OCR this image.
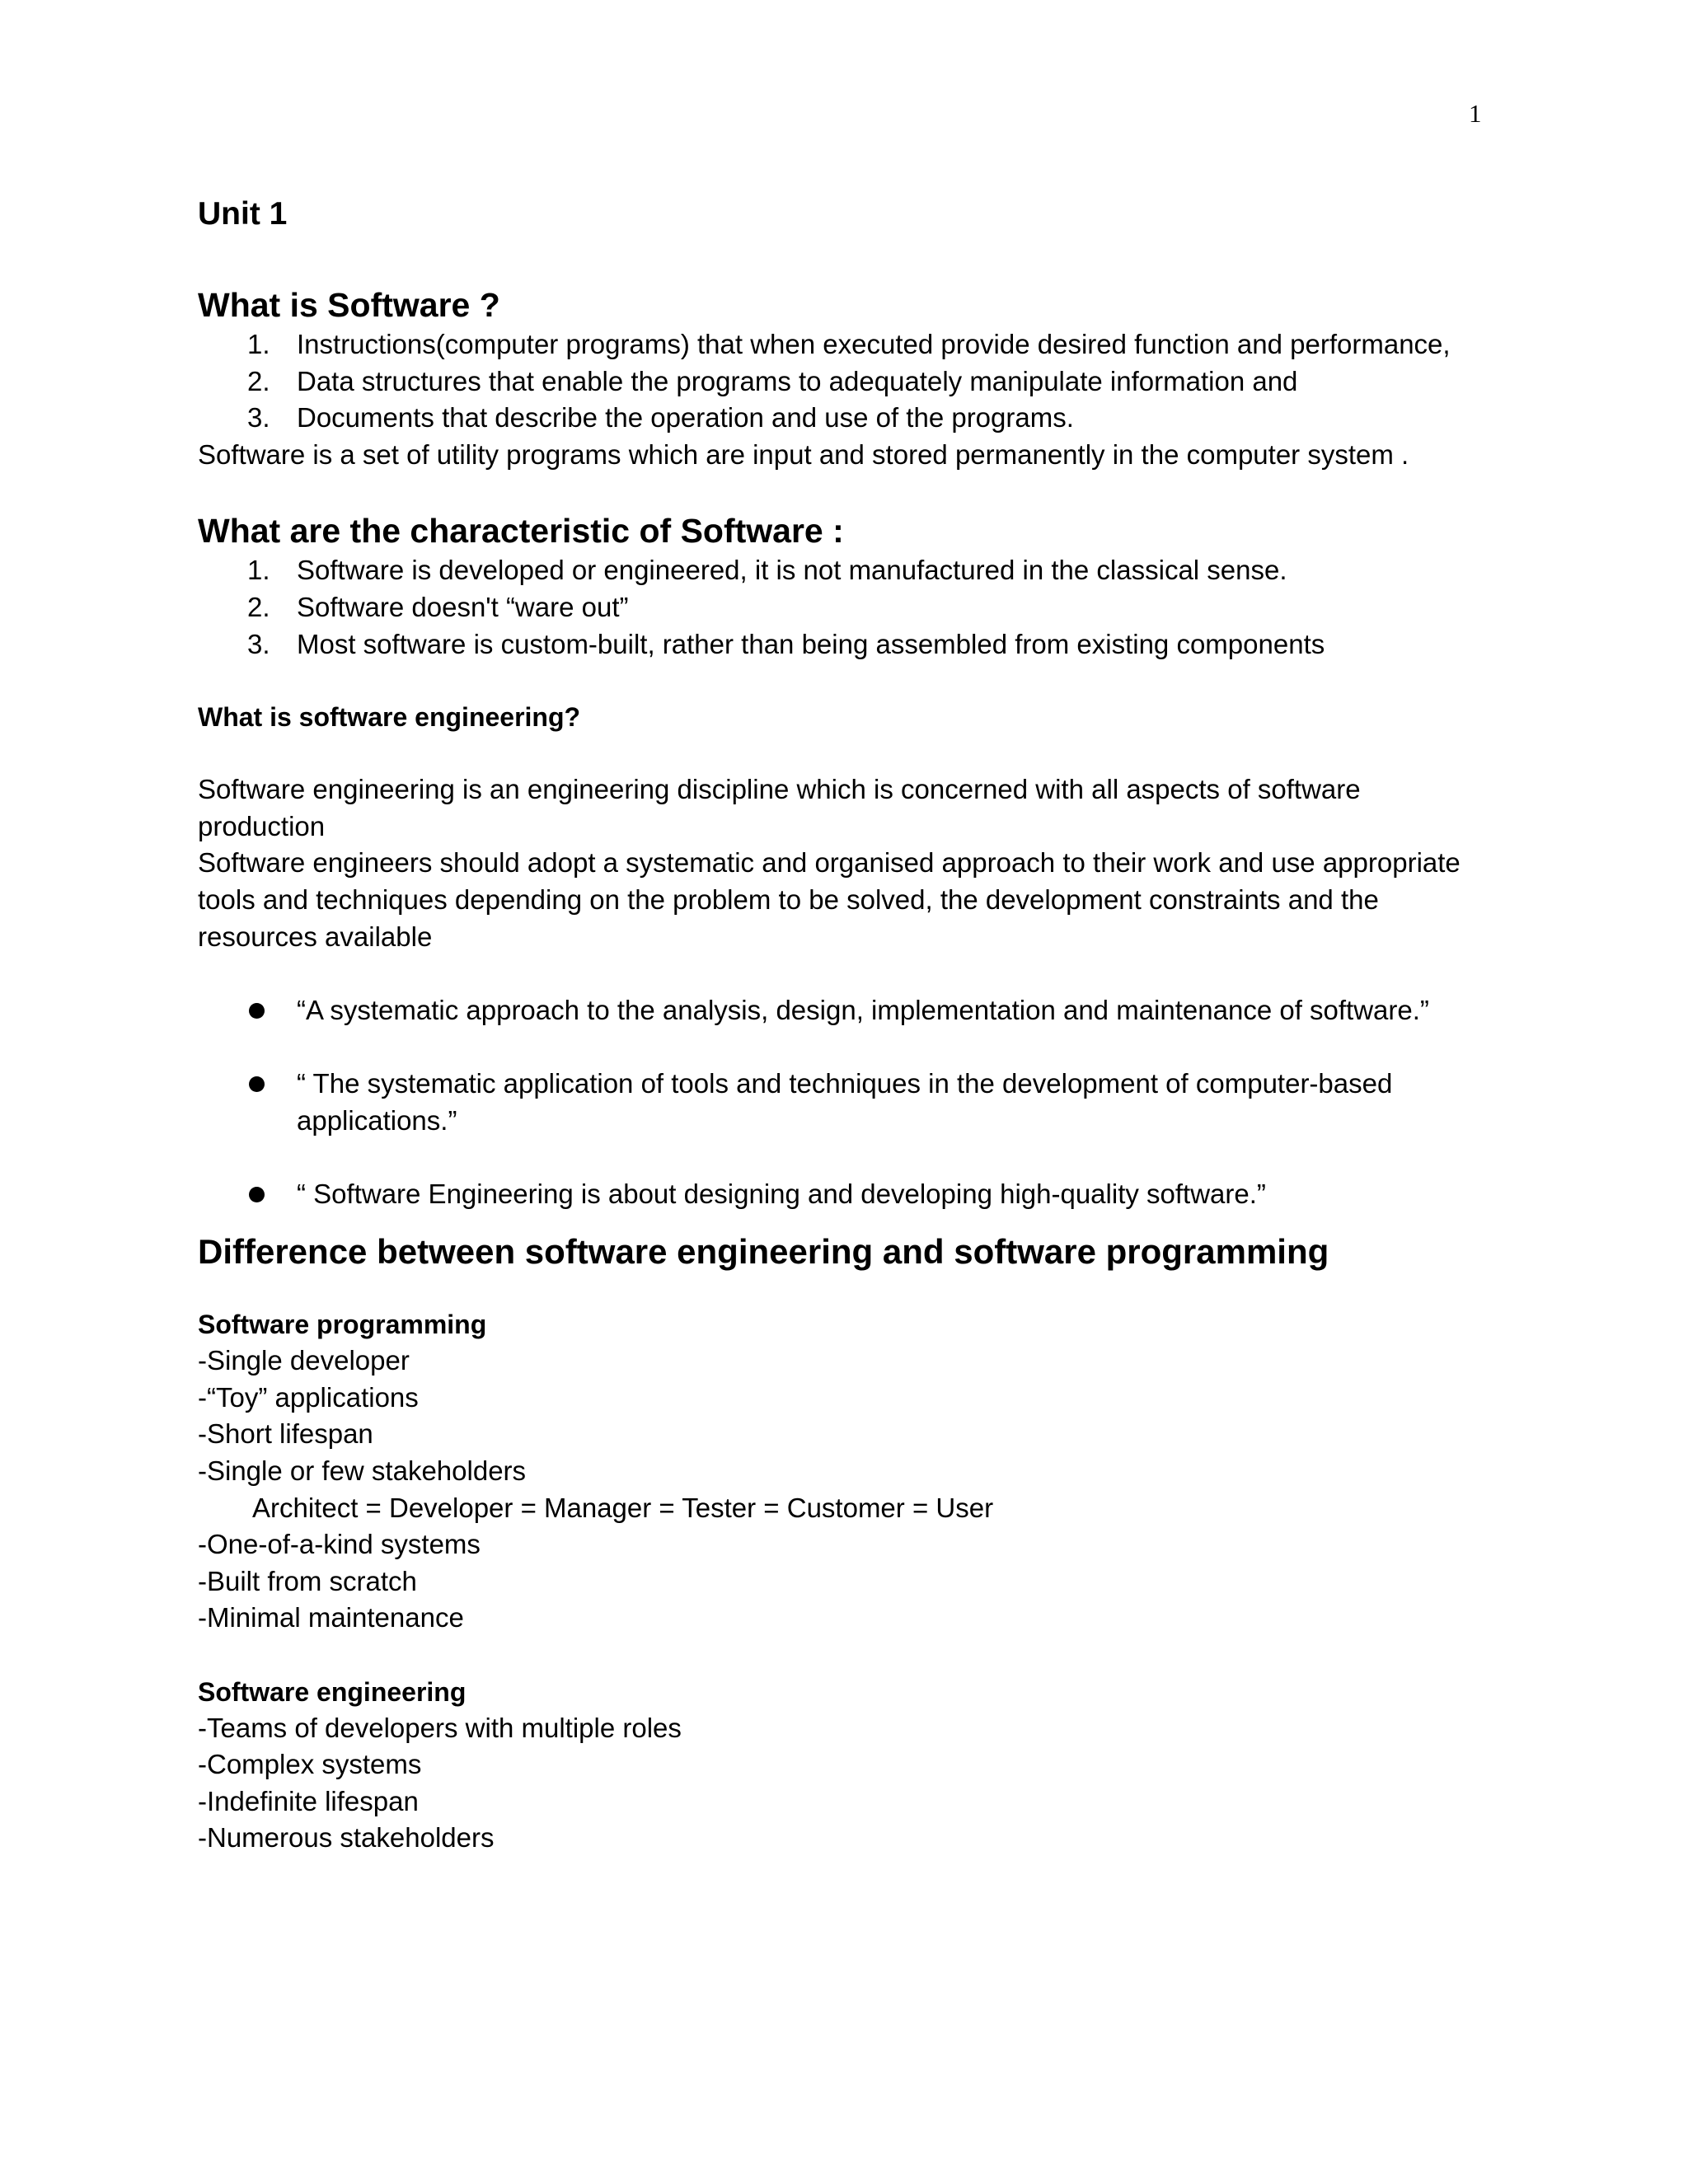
1
Unit 1
What is Software ?
1. Instructions(computer programs) that when executed provide desired function and performance,
2. Data structures that enable the programs to adequately manipulate information and
3. Documents that describe the operation and use of the programs.
Software is a set of utility programs which are input and stored permanently in the computer system .
What are the characteristic of Software :
1. Software is developed or engineered, it is not manufactured in the classical sense.
2. Software doesn't “ware out”
3. Most software is custom-built, rather than being assembled from existing components
What is software engineering?
Software engineering is an engineering discipline which is concerned with all aspects of software production
Software engineers should adopt a systematic and organised approach to their work and use appropriate tools and techniques depending on the problem to be solved, the development constraints and the resources available
“A systematic approach to the analysis, design, implementation and maintenance of software.”
“ The systematic application of tools and techniques in the development of computer-based applications.”
“ Software Engineering is about designing and developing high-quality software.”
Difference between software engineering and software programming
Software programming
-Single developer
-“Toy” applications
-Short lifespan
-Single or few stakeholders
Architect = Developer = Manager = Tester = Customer = User
-One-of-a-kind systems
-Built from scratch
-Minimal maintenance
Software engineering
-Teams of developers with multiple roles
-Complex systems
-Indefinite lifespan
-Numerous stakeholders
